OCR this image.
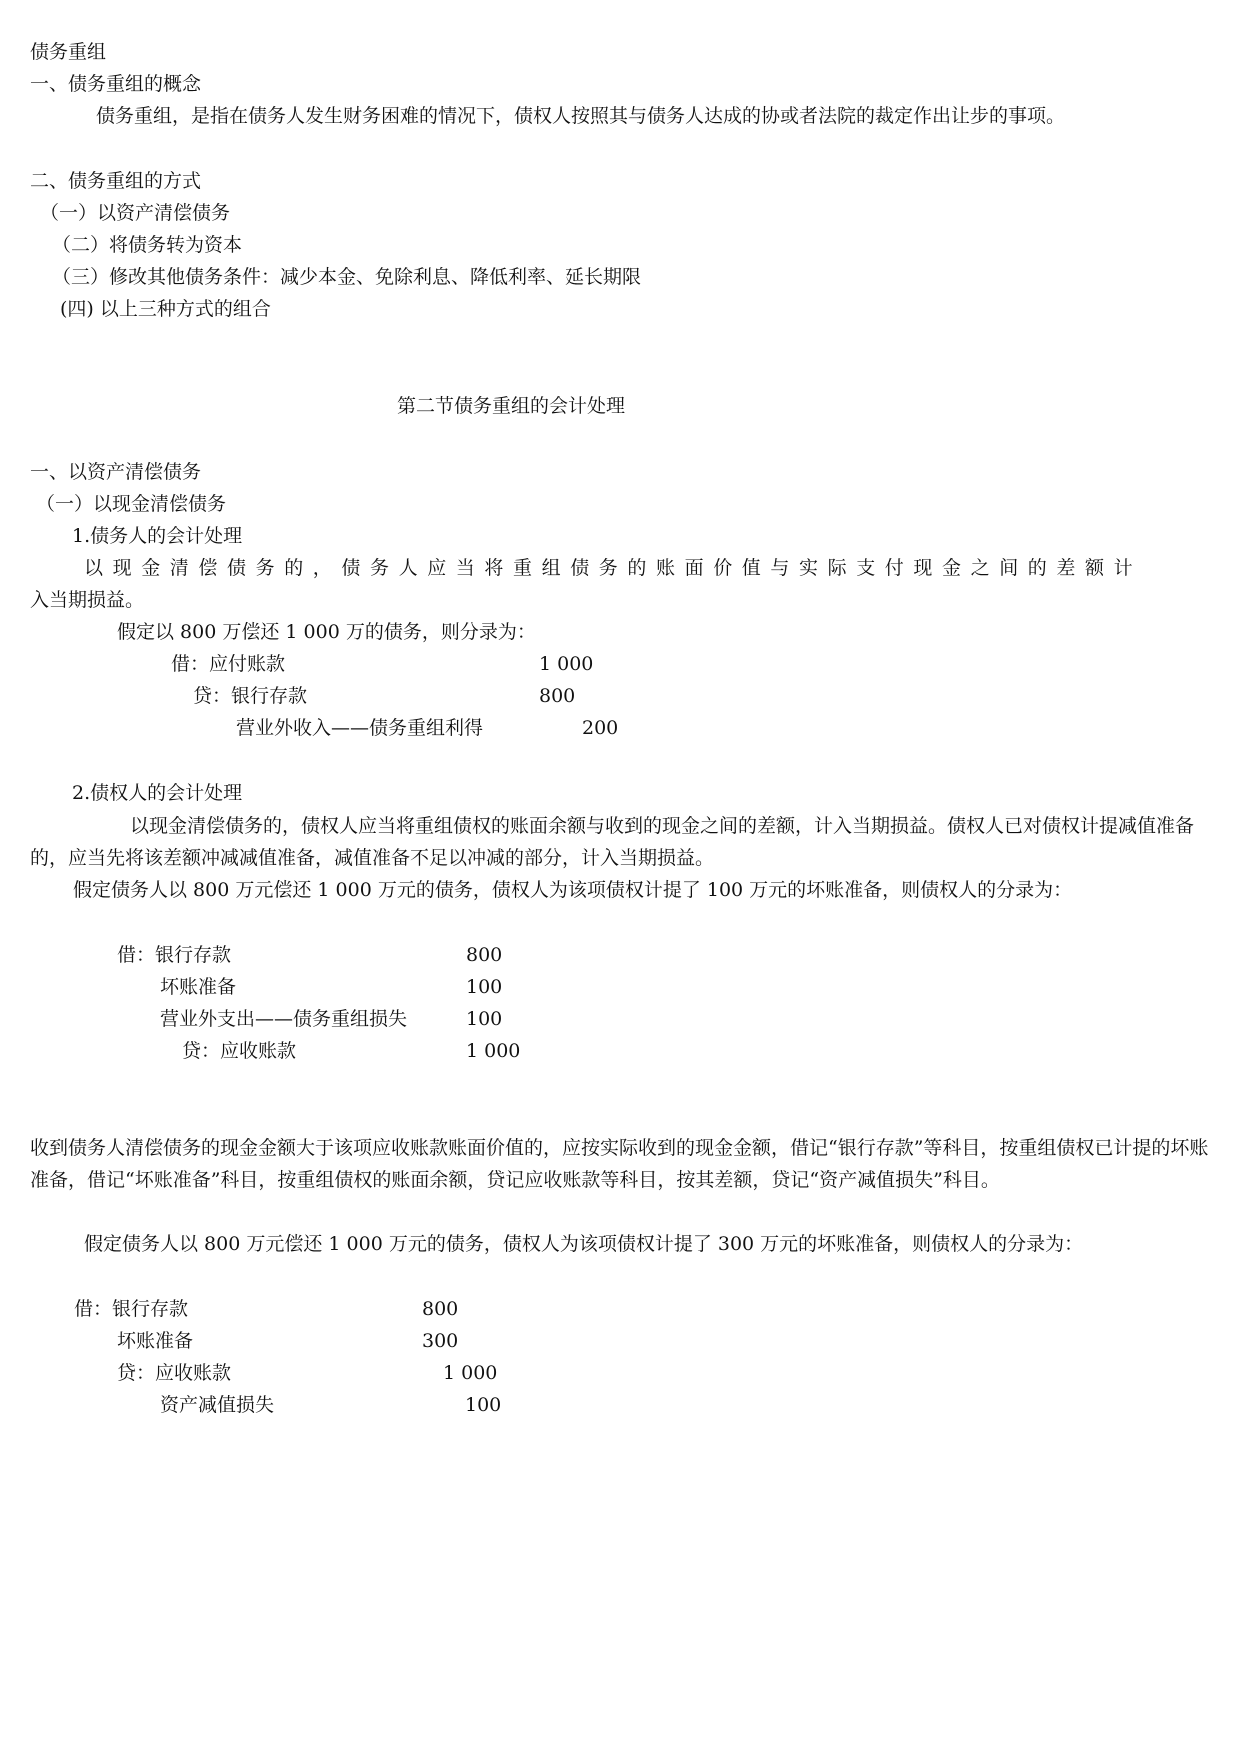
债务重组
一、债务重组的概念
债务重组，是指在债务人发生财务困难的情况下，债权人按照其与债务人达成的协或者法院的裁定作出让步的事项。
二、债务重组的方式
（一）以资产清偿债务
（二）将债务转为资本
（三）修改其他债务条件：减少本金、免除利息、降低利率、延长期限
(四) 以上三种方式的组合
第二节债务重组的会计处理
一、以资产清偿债务
（一）以现金清偿债务
1.债务人的会计处理
以现金清偿债务的，债务人应当将重组债务的账面价值与实际支付现金之间的差额计
入当期损益。
假定以 800 万偿还 1 000 万的债务，则分录为：
借：应付账款	1 000
贷：银行存款	800
营业外收入——债务重组利得	200
2.债权人的会计处理
以现金清偿债务的，债权人应当将重组债权的账面余额与收到的现金之间的差额，计入当期损益。债权人已对债权计提减值准备的，应当先将该差额冲减减值准备，减值准备不足以冲减的部分，计入当期损益。
假定债务人以 800 万元偿还 1 000 万元的债务，债权人为该项债权计提了 100 万元的坏账准备，则债权人的分录为：
借：银行存款	800
坏账准备	100
营业外支出——债务重组损失	100
贷：应收账款	1 000
收到债务人清偿债务的现金金额大于该项应收账款账面价值的，应按实际收到的现金金额，借记“银行存款”等科目，按重组债权已计提的坏账准备，借记“坏账准备”科目，按重组债权的账面余额，贷记应收账款等科目，按其差额，贷记“资产减值损失”科目。
假定债务人以 800 万元偿还 1 000 万元的债务，债权人为该项债权计提了 300 万元的坏账准备，则债权人的分录为：
借：银行存款	800
坏账准备	300
贷：应收账款	1 000
资产减值损失	100
